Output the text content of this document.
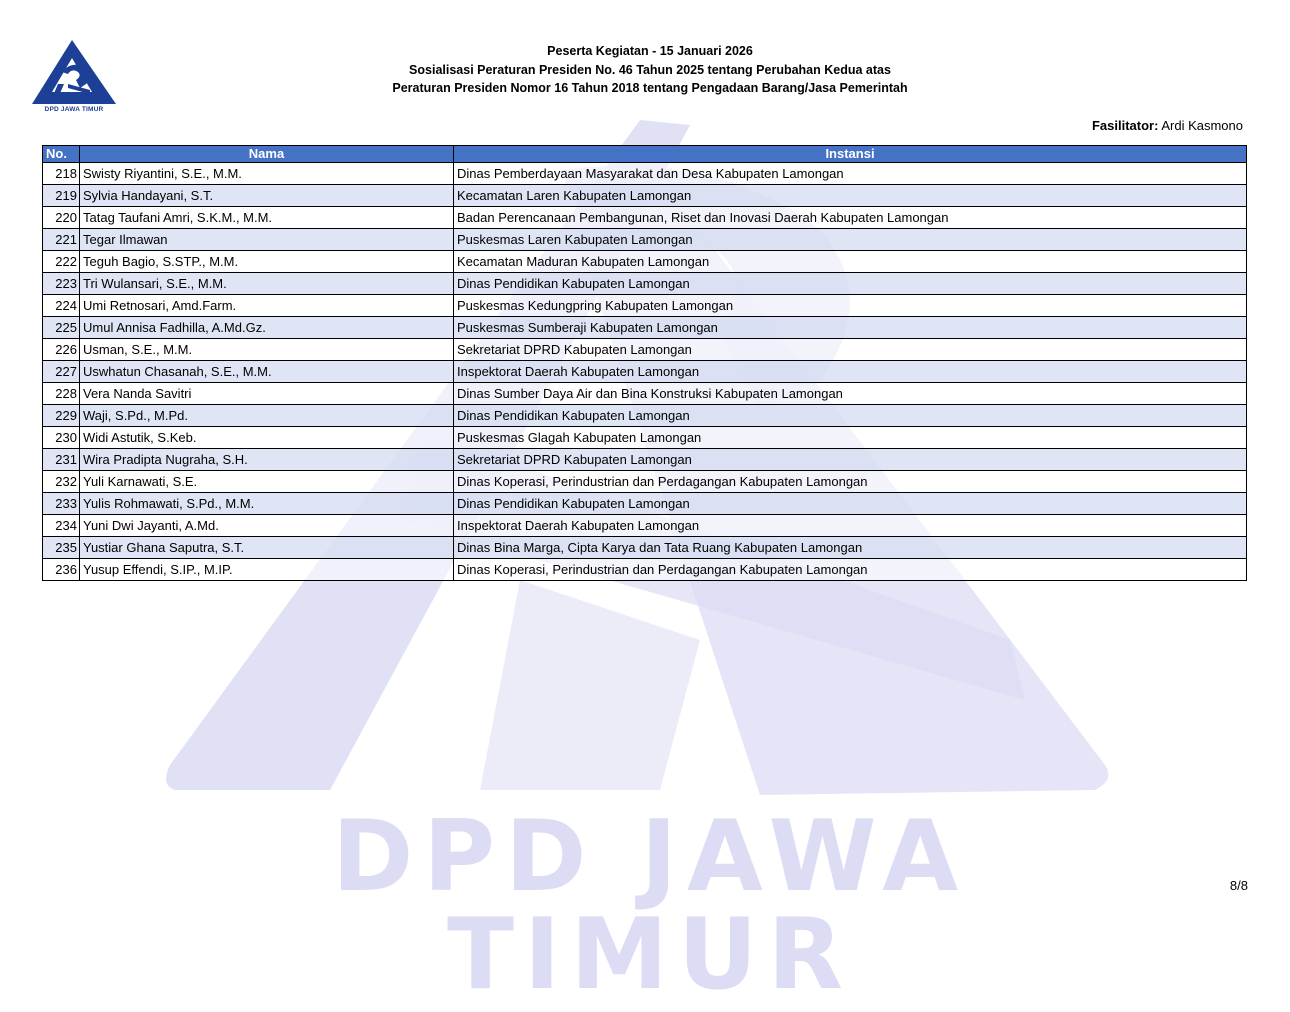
DPD JAWA TIMUR
DPD JAWA TIMUR
Peserta Kegiatan - 15 Januari 2026
Sosialisasi Peraturan Presiden No. 46 Tahun 2025 tentang Perubahan Kedua atas
Peraturan Presiden Nomor 16 Tahun 2018 tentang Pengadaan Barang/Jasa Pemerintah
Fasilitator: Ardi Kasmono
No.	Nama	Instansi
218	Swisty Riyantini, S.E., M.M.	Dinas Pemberdayaan Masyarakat dan Desa Kabupaten Lamongan
219	Sylvia Handayani, S.T.	Kecamatan Laren Kabupaten Lamongan
220	Tatag Taufani Amri, S.K.M., M.M.	Badan Perencanaan Pembangunan, Riset dan Inovasi Daerah Kabupaten Lamongan
221	Tegar Ilmawan	Puskesmas Laren Kabupaten Lamongan
222	Teguh Bagio, S.STP., M.M.	Kecamatan Maduran Kabupaten Lamongan
223	Tri Wulansari, S.E., M.M.	Dinas Pendidikan Kabupaten Lamongan
224	Umi Retnosari, Amd.Farm.	Puskesmas Kedungpring Kabupaten Lamongan
225	Umul Annisa Fadhilla, A.Md.Gz.	Puskesmas Sumberaji Kabupaten Lamongan
226	Usman, S.E., M.M.	Sekretariat DPRD Kabupaten Lamongan
227	Uswhatun Chasanah, S.E., M.M.	Inspektorat Daerah Kabupaten Lamongan
228	Vera Nanda Savitri	Dinas Sumber Daya Air dan Bina Konstruksi Kabupaten Lamongan
229	Waji, S.Pd., M.Pd.	Dinas Pendidikan Kabupaten Lamongan
230	Widi Astutik, S.Keb.	Puskesmas Glagah Kabupaten Lamongan
231	Wira Pradipta Nugraha, S.H.	Sekretariat DPRD Kabupaten Lamongan
232	Yuli Karnawati, S.E.	Dinas Koperasi, Perindustrian dan Perdagangan Kabupaten Lamongan
233	Yulis Rohmawati, S.Pd., M.M.	Dinas Pendidikan Kabupaten Lamongan
234	Yuni Dwi Jayanti, A.Md.	Inspektorat Daerah Kabupaten Lamongan
235	Yustiar Ghana Saputra, S.T.	Dinas Bina Marga, Cipta Karya dan Tata Ruang Kabupaten Lamongan
236	Yusup Effendi, S.IP., M.IP.	Dinas Koperasi, Perindustrian dan Perdagangan Kabupaten Lamongan
8/8
